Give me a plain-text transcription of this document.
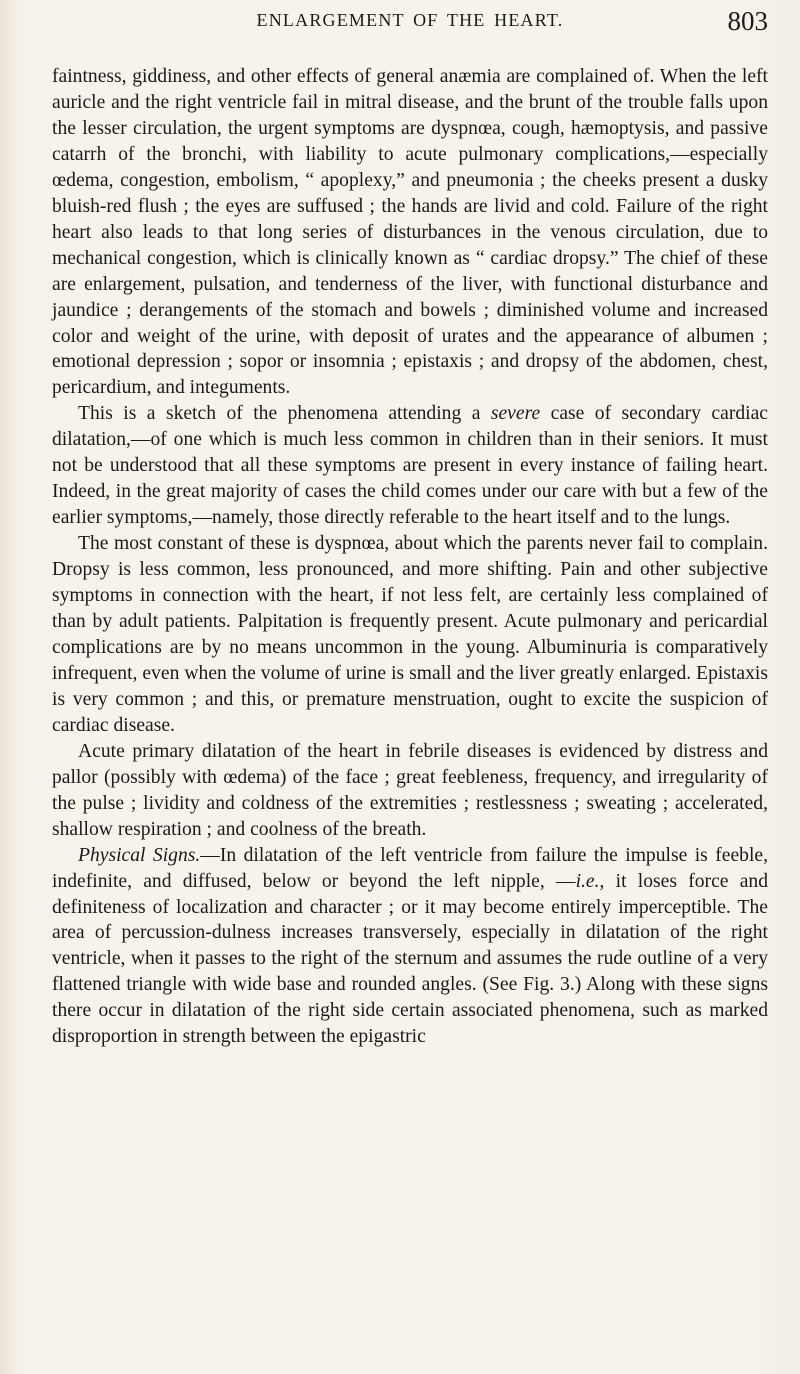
ENLARGEMENT OF THE HEART.	803

faintness, giddiness, and other effects of general anæmia are complained of. When the left auricle and the right ventricle fail in mitral disease, and the brunt of the trouble falls upon the lesser circulation, the urgent symptoms are dyspnœa, cough, hæmoptysis, and passive catarrh of the bronchi, with liability to acute pulmonary complications,—especially œdema, congestion, embolism, “ apoplexy,” and pneumonia ; the cheeks present a dusky bluish-red flush ; the eyes are suffused ; the hands are livid and cold. Failure of the right heart also leads to that long series of disturbances in the venous circulation, due to mechanical congestion, which is clinically known as “ cardiac dropsy.” The chief of these are enlargement, pulsation, and tenderness of the liver, with functional disturbance and jaundice ; derangements of the stomach and bowels ; diminished volume and increased color and weight of the urine, with deposit of urates and the appearance of albumen ; emotional depression ; sopor or insomnia ; epistaxis ; and dropsy of the abdomen, chest, pericardium, and integuments.

This is a sketch of the phenomena attending a severe case of secondary cardiac dilatation,—of one which is much less common in children than in their seniors. It must not be understood that all these symptoms are present in every instance of failing heart. Indeed, in the great majority of cases the child comes under our care with but a few of the earlier symptoms,—namely, those directly referable to the heart itself and to the lungs.

The most constant of these is dyspnœa, about which the parents never fail to complain. Dropsy is less common, less pronounced, and more shifting. Pain and other subjective symptoms in connection with the heart, if not less felt, are certainly less complained of than by adult patients. Palpitation is frequently present. Acute pulmonary and pericardial complications are by no means uncommon in the young. Albuminuria is comparatively infrequent, even when the volume of urine is small and the liver greatly enlarged. Epistaxis is very common ; and this, or premature menstruation, ought to excite the suspicion of cardiac disease.

Acute primary dilatation of the heart in febrile diseases is evidenced by distress and pallor (possibly with œdema) of the face ; great feebleness, frequency, and irregularity of the pulse ; lividity and coldness of the extremities ; restlessness ; sweating ; accelerated, shallow respiration ; and coolness of the breath.

Physical Signs.—In dilatation of the left ventricle from failure the impulse is feeble, indefinite, and diffused, below or beyond the left nipple, —i.e., it loses force and definiteness of localization and character ; or it may become entirely imperceptible. The area of percussion-dulness increases transversely, especially in dilatation of the right ventricle, when it passes to the right of the sternum and assumes the rude outline of a very flattened triangle with wide base and rounded angles. (See Fig. 3.) Along with these signs there occur in dilatation of the right side certain associated phenomena, such as marked disproportion in strength between the epigastric
